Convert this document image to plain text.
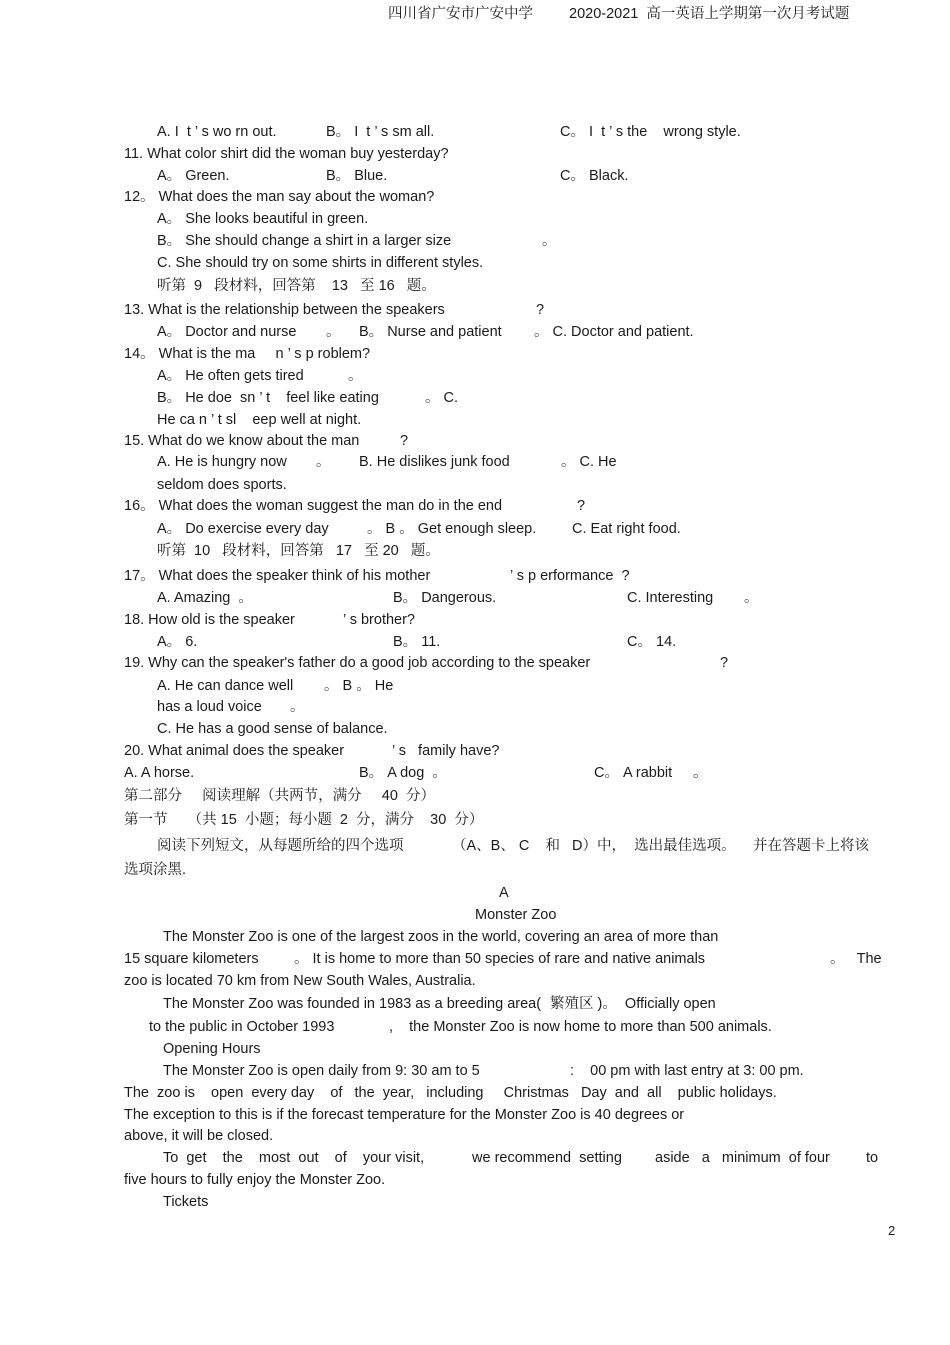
四川省广安市广安中学 2020-2021  高一英语上学期第一次月考试题
A. I  t ’ s wo rn out.	B。 I  t ’ s sm all.	C。 I  t ’ s the    wrong style.
11. What color shirt did the woman buy yesterday?
A。 Green.	B。 Blue.	C。 Black.
12。 What does the man say about the woman?
A。 She looks beautiful in green.
B。 She should change a shirt in a larger size	。
C. She should try on some shirts in different styles.
听第  9   段材料，回答第    13   至 16   题。
13. What is the relationship between the speakers	?
A。 Doctor and nurse 。 B。 Nurse and patient 。 C. Doctor and patient.
14。 What is the ma     n ’ s p roblem?
A。 He often gets tired	。
B。 He doe  sn ’ t    feel like eating	。 C.
He ca n ’ t sl    eep well at night.
15. What do we know about the man	?
A. He is hungry now 。 B. He dislikes junk food	。 C. He
seldom does sports.
16。 What does the woman suggest the man do in the end	?
A。 Do exercise every day	。 B 。 Get enough sleep. C. Eat right food.
听第  10   段材料，回答第   17   至 20   题。
17。 What does the speaker think of his mother	’ s p erformance  ?
A. Amazing  。	B。 Dangerous.	C. Interesting 。
18. How old is the speaker	’ s brother?
A。 6.	B。 11.	C。 14.
19. Why can the speaker's father do a good job according to the speaker	?
A. He can dance well 。 B 。 He
has a loud voice 。
C. He has a good sense of balance.
20. What animal does the speaker	’ s   family have?
A. A horse.	B。 A dog  。	C。 A rabbit 。
第二部分     阅读理解（共两节，满分     40  分）
第一节     （共 15  小题；每小题  2  分，满分    30  分）
阅读下列短文，从每题所给的四个选项	（A、B、 C    和   D）中，  选出最佳选项。 并在答题卡上将该
选项涂黑.
A
Monster Zoo
The Monster Zoo is one of the largest zoos in the world, covering an area of more than
15 square kilometers 。 It is home to more than 50 species of rare and native animals	。   The
zoo is located 70 km from New South Wales, Australia.
The Monster Zoo was founded in 1983 as a breeding area( 繁殖区 )。  Officially open
to the public in October 1993	,    the Monster Zoo is now home to more than 500 animals.
Opening Hours
The Monster Zoo is open daily from 9: 30 am to 5	:    00 pm with last entry at 3: 00 pm.
The  zoo is    open  every day    of   the  year,   including     Christmas   Day  and  all    public holidays.
The exception to this is if the forecast temperature for the Monster Zoo is 40 degrees or
above, it will be closed.
To  get    the    most  out    of    your visit,	we recommend  setting aside   a   minimum  of four to
five hours to fully enjoy the Monster Zoo.
Tickets
2
